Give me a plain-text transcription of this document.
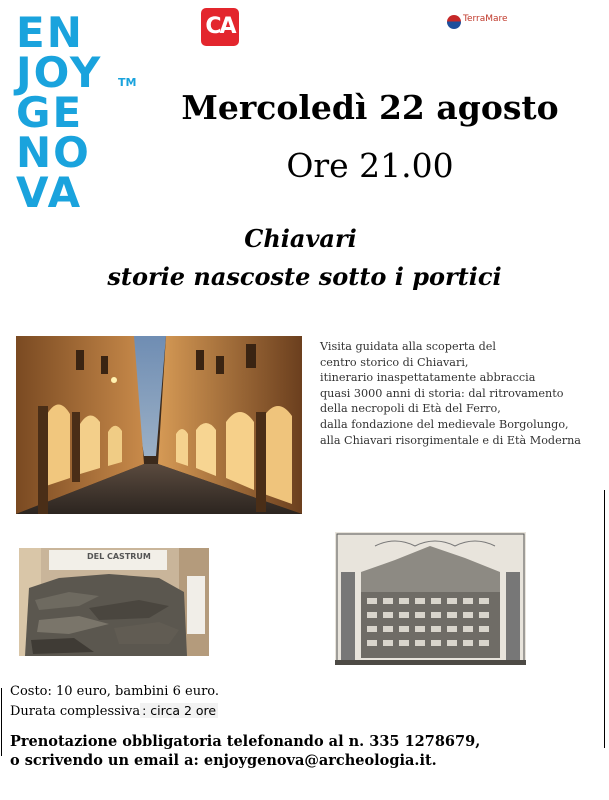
EN
JOY
GE
NO
VA
TM
CA	TerraMare
Mercoledì 22 agosto
Ore 21.00
Chiavari
storie nascoste sotto i portici
Visita guidata alla scoperta del
centro storico di Chiavari,
itinerario inaspettatamente abbraccia
quasi 3000 anni di storia: dal ritrovamento
della necropoli di Età del Ferro,
dalla fondazione del medievale Borgolungo,
alla Chiavari risorgimentale e di Età Moderna
DEL CASTRUM
Costo: 10 euro, bambini 6 euro.
Durata complessiva : circa 2 ore
Prenotazione obbligatoria telefonando al n. 335 1278679,
o scrivendo un email a: enjoygenova@archeologia.it.
